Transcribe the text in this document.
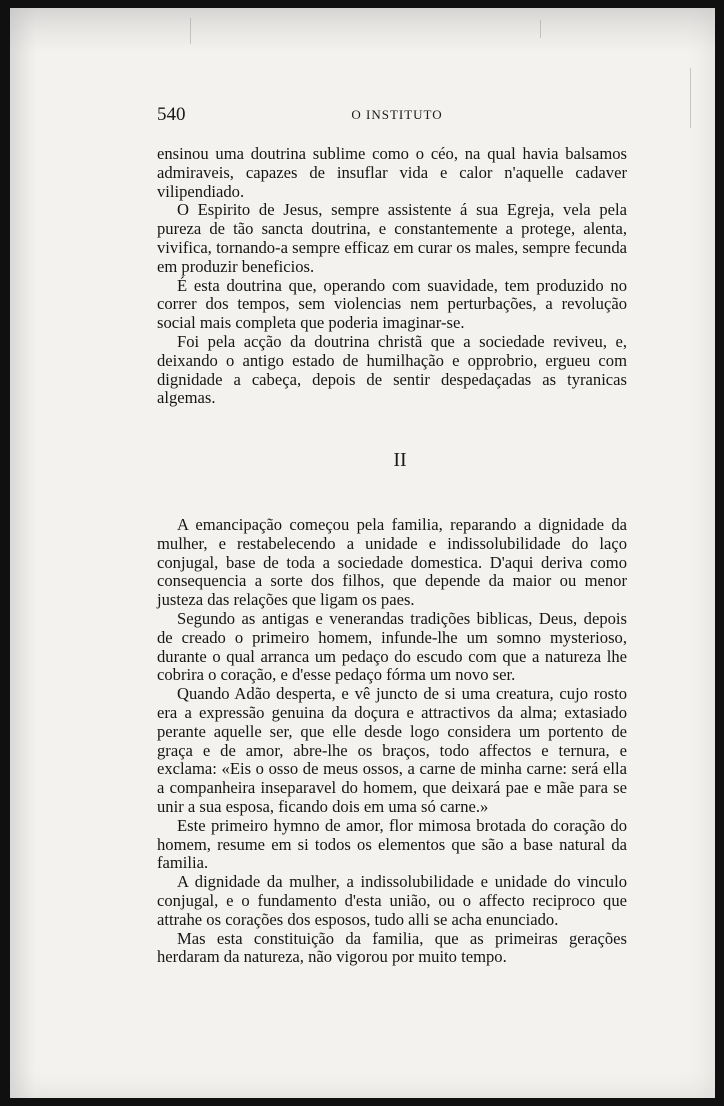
540	O INSTITUTO

ensinou uma doutrina sublime como o céo, na qual havia balsamos admiraveis, capazes de insuflar vida e calor n'aquelle cadaver vilipendiado.

O Espirito de Jesus, sempre assistente á sua Egreja, vela pela pureza de tão sancta doutrina, e constantemente a protege, alenta, vivifica, tornando-a sempre efficaz em curar os males, sempre fecunda em produzir beneficios.

É esta doutrina que, operando com suavidade, tem produzido no correr dos tempos, sem violencias nem perturbações, a revolução social mais completa que poderia imaginar-se.

Foi pela acção da doutrina christã que a sociedade reviveu, e, deixando o antigo estado de humilhação e opprobrio, ergueu com dignidade a cabeça, depois de sentir despedaçadas as tyranicas algemas.

II

A emancipação começou pela familia, reparando a dignidade da mulher, e restabelecendo a unidade e indissolubilidade do laço conjugal, base de toda a sociedade domestica. D'aqui deriva como consequencia a sorte dos filhos, que depende da maior ou menor justeza das relações que ligam os paes.

Segundo as antigas e venerandas tradições biblicas, Deus, depois de creado o primeiro homem, infunde-lhe um somno mysterioso, durante o qual arranca um pedaço do escudo com que a natureza lhe cobrira o coração, e d'esse pedaço fórma um novo ser.

Quando Adão desperta, e vê juncto de si uma creatura, cujo rosto era a expressão genuina da doçura e attractivos da alma; extasiado perante aquelle ser, que elle desde logo considera um portento de graça e de amor, abre-lhe os braços, todo affectos e ternura, e exclama: «Eis o osso de meus ossos, a carne de minha carne: será ella a companheira inseparavel do homem, que deixará pae e mãe para se unir a sua esposa, ficando dois em uma só carne.»

Este primeiro hymno de amor, flor mimosa brotada do coração do homem, resume em si todos os elementos que são a base natural da familia.

A dignidade da mulher, a indissolubilidade e unidade do vinculo conjugal, e o fundamento d'esta união, ou o affecto reciproco que attrahe os corações dos esposos, tudo alli se acha enunciado.

Mas esta constituição da familia, que as primeiras gerações herdaram da natureza, não vigorou por muito tempo.
